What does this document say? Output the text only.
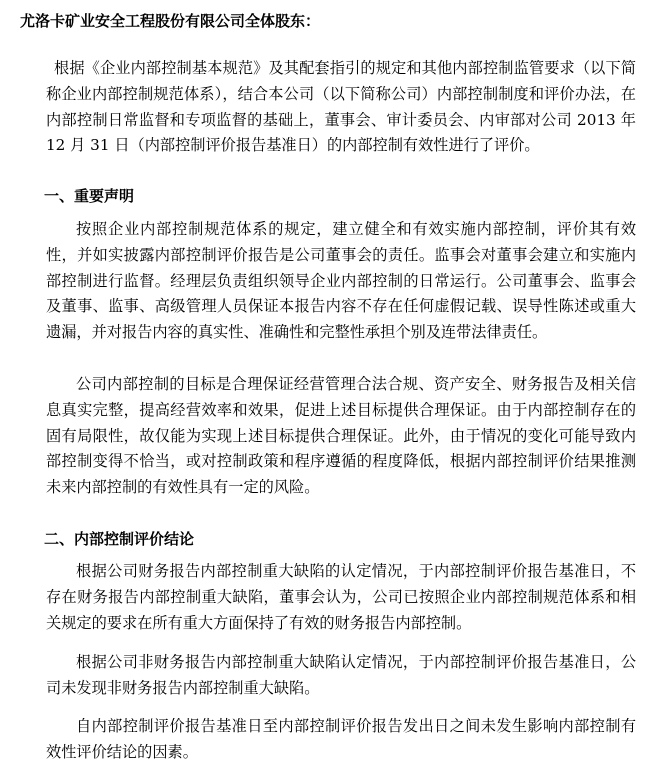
尤洛卡矿业安全工程股份有限公司全体股东：

根据《企业内部控制基本规范》及其配套指引的规定和其他内部控制监管要求（以下简称企业内部控制规范体系），结合本公司（以下简称公司）内部控制制度和评价办法，在内部控制日常监督和专项监督的基础上，董事会、审计委员会、内审部对公司 2013 年 12 月 31 日（内部控制评价报告基准日）的内部控制有效性进行了评价。

一、重要声明

按照企业内部控制规范体系的规定，建立健全和有效实施内部控制，评价其有效性，并如实披露内部控制评价报告是公司董事会的责任。监事会对董事会建立和实施内部控制进行监督。经理层负责组织领导企业内部控制的日常运行。公司董事会、监事会及董事、监事、高级管理人员保证本报告内容不存在任何虚假记载、误导性陈述或重大遗漏，并对报告内容的真实性、准确性和完整性承担个别及连带法律责任。

公司内部控制的目标是合理保证经营管理合法合规、资产安全、财务报告及相关信息真实完整，提高经营效率和效果，促进上述目标提供合理保证。由于内部控制存在的固有局限性，故仅能为实现上述目标提供合理保证。此外，由于情况的变化可能导致内部控制变得不恰当，或对控制政策和程序遵循的程度降低，根据内部控制评价结果推测未来内部控制的有效性具有一定的风险。

二、内部控制评价结论

根据公司财务报告内部控制重大缺陷的认定情况，于内部控制评价报告基准日，不存在财务报告内部控制重大缺陷，董事会认为，公司已按照企业内部控制规范体系和相关规定的要求在所有重大方面保持了有效的财务报告内部控制。

根据公司非财务报告内部控制重大缺陷认定情况，于内部控制评价报告基准日，公司未发现非财务报告内部控制重大缺陷。

自内部控制评价报告基准日至内部控制评价报告发出日之间未发生影响内部控制有效性评价结论的因素。
